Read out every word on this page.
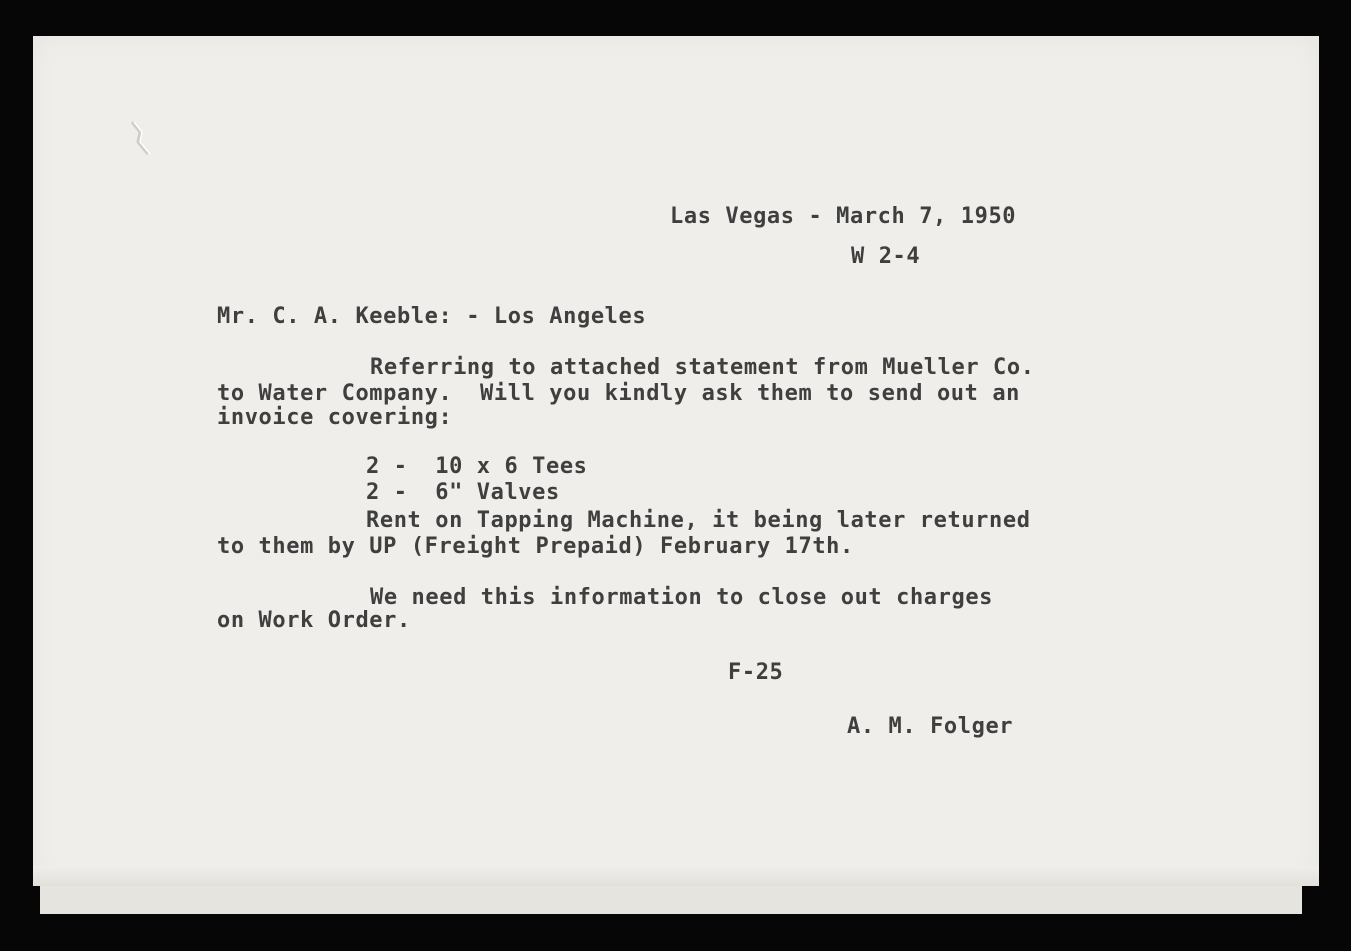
Las Vegas - March 7, 1950
W 2-4
Mr. C. A. Keeble: - Los Angeles
Referring to attached statement from Mueller Co.
to Water Company.  Will you kindly ask them to send out an
invoice covering:
2 -  10 x 6 Tees
2 -  6" Valves
Rent on Tapping Machine, it being later returned
to them by UP (Freight Prepaid) February 17th.
We need this information to close out charges
on Work Order.
F-25
A. M. Folger
